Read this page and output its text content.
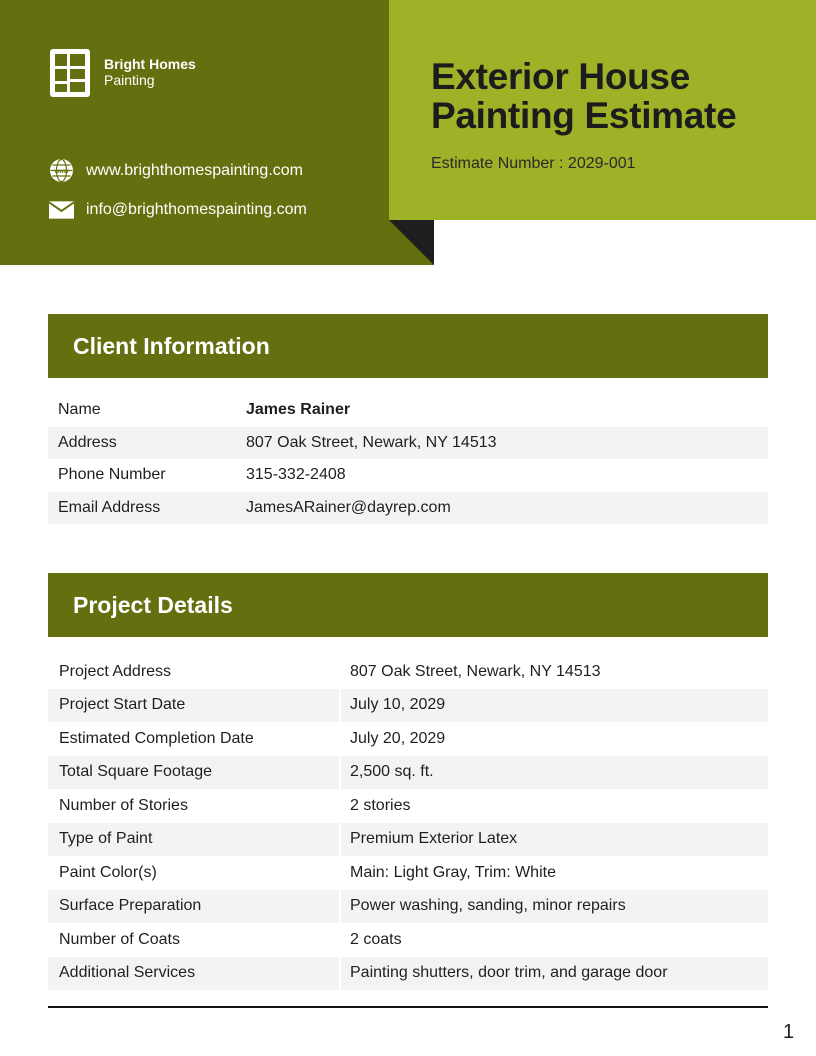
Bright Homes
Painting
www www.brighthomespainting.com
info@brighthomespainting.com
Exterior House
Painting Estimate
Estimate Number : 2029-001
Client Information
Name	James Rainer
Address	807 Oak Street, Newark, NY 14513
Phone Number	315-332-2408
Email Address	JamesARainer@dayrep.com
Project Details
Project Address	807 Oak Street, Newark, NY 14513
Project Start Date	July 10, 2029
Estimated Completion Date	July 20, 2029
Total Square Footage	2,500 sq. ft.
Number of Stories	2 stories
Type of Paint	Premium Exterior Latex
Paint Color(s)	Main: Light Gray, Trim: White
Surface Preparation	Power washing, sanding, minor repairs
Number of Coats	2 coats
Additional Services	Painting shutters, door trim, and garage door
1
